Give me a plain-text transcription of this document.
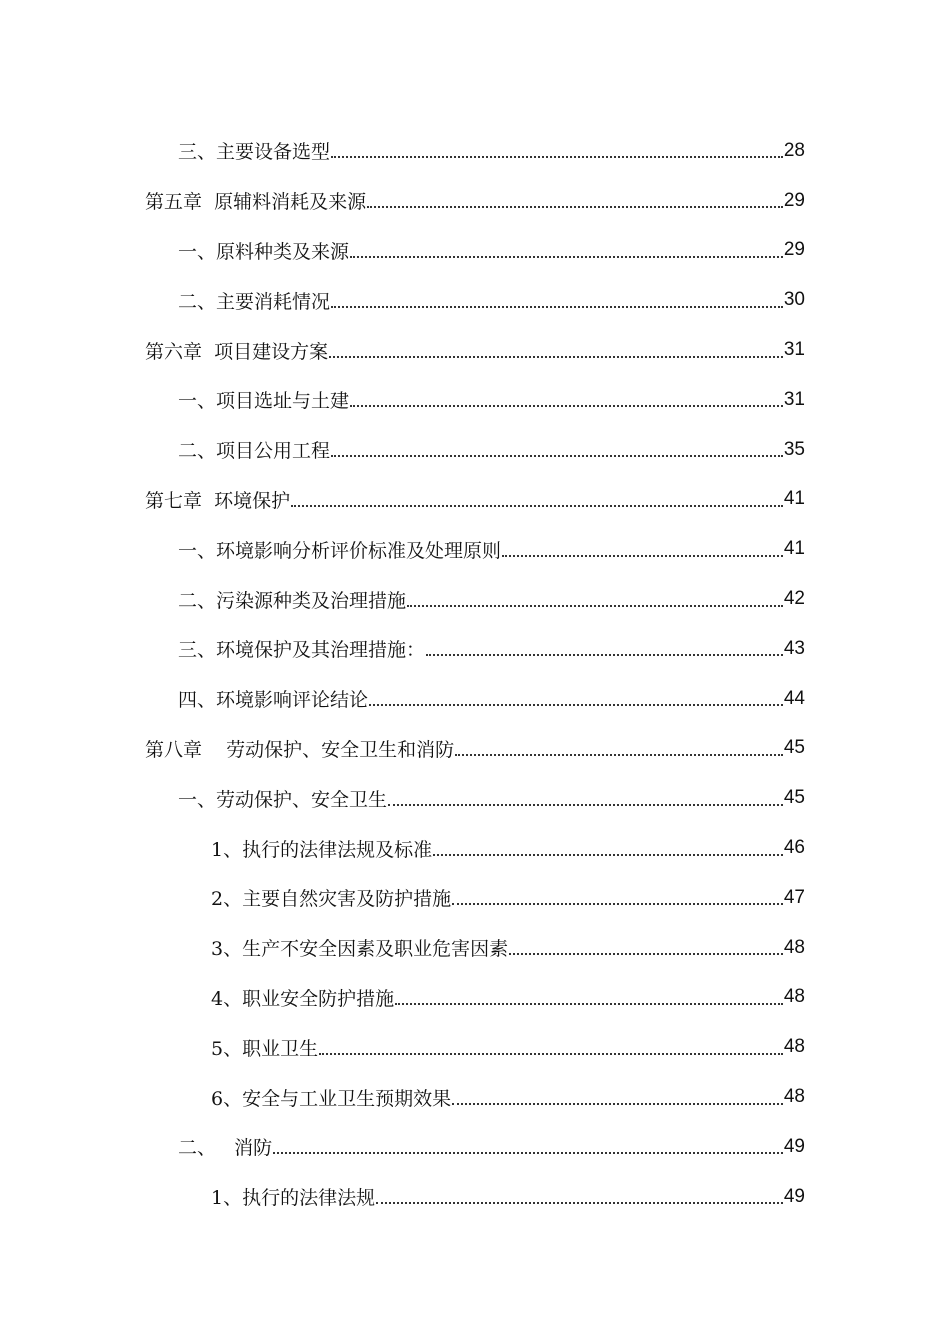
三、主要设备选型	28
第五章  原辅料消耗及来源	29
一、原料种类及来源	29
二、主要消耗情况	30
第六章  项目建设方案	31
一、项目选址与土建	31
二、项目公用工程	35
第七章  环境保护	41
一、环境影响分析评价标准及处理原则	41
二、污染源种类及治理措施	42
三、环境保护及其治理措施：	43
四、环境影响评论结论	44
第八章    劳动保护、安全卫生和消防	45
一、劳动保护、安全卫生	45
1、执行的法律法规及标准	46
2、主要自然灾害及防护措施	47
3、生产不安全因素及职业危害因素	48
4、职业安全防护措施	48
5、职业卫生	48
6、安全与工业卫生预期效果	48
二、   消防	49
1、执行的法律法规	49
